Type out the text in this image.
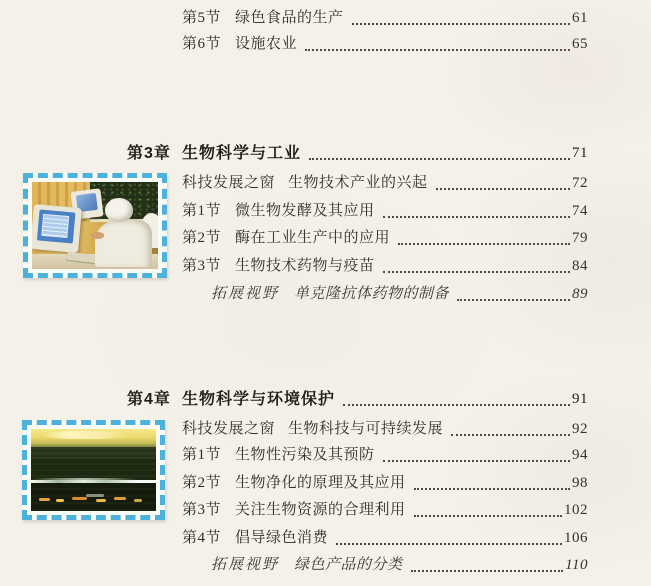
第5节 绿色食品的生产	61
第6节 设施农业	65
第3章 生物科学与工业	71
科技发展之窗 生物技术产业的兴起	72
第1节 微生物发酵及其应用	74
第2节 酶在工业生产中的应用	79
第3节 生物技术药物与疫苗	84
拓展视野 单克隆抗体药物的制备	89
第4章 生物科学与环境保护	91
科技发展之窗 生物科技与可持续发展	92
第1节 生物性污染及其预防	94
第2节 生物净化的原理及其应用	98
第3节 关注生物资源的合理利用	102
第4节 倡导绿色消费	106
拓展视野 绿色产品的分类	110
